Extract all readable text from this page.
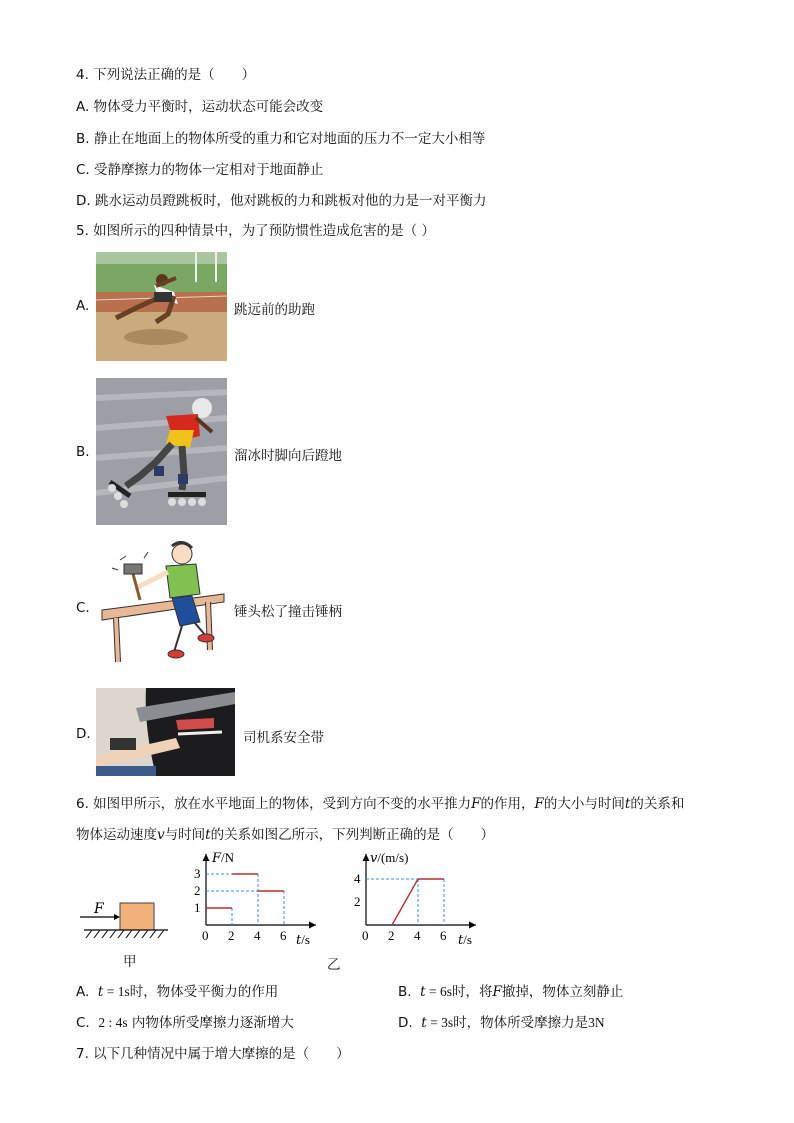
4. 下列说法正确的是（　　）
A. 物体受力平衡时，运动状态可能会改变
B. 静止在地面上的物体所受的重力和它对地面的压力不一定大小相等
C. 受静摩擦力的物体一定相对于地面静止
D. 跳水运动员蹬跳板时，他对跳板的力和跳板对他的力是一对平衡力
5. 如图所示的四种情景中，为了预防惯性造成危害的是（ ）
A.	跳远前的助跑
B.	溜冰时脚向后蹬地
C.	锤头松了撞击锤柄
D.	司机系安全带
6. 如图甲所示，放在水平地面上的物体，受到方向不变的水平推力F的作用，F的大小与时间t的关系和
物体运动速度v与时间t的关系如图乙所示，下列判断正确的是（　　）
F
甲
F/N
t/s
0 2 4 6
1
2
3
v/(m/s)
t/s
0 2 4 6
2
4
乙
A. t = 1s时，物体受平衡力的作用	B. t = 6s时，将F撤掉，物体立刻静止
C. 2 : 4s 内物体所受摩擦力逐渐增大	D. t = 3s时，物体所受摩擦力是3N
7. 以下几种情况中属于增大摩擦的是（　　）
